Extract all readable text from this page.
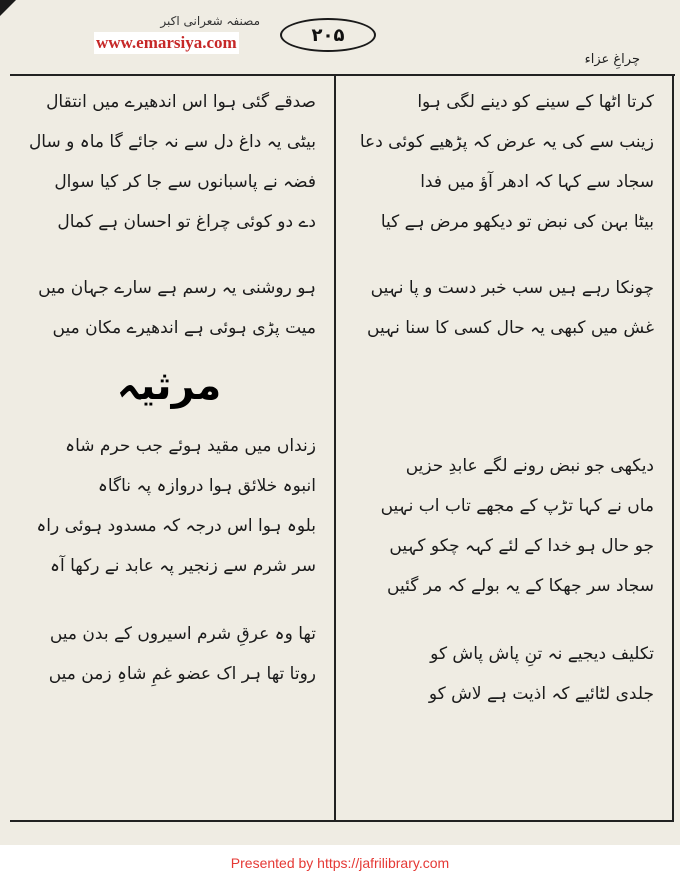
مصنفہ شعرانی اکبر
www.emarsiya.com	۲۰۵
چراغِ عزاء
کرتا اٹھا کے سینے کو دینے لگی ہوا
زینب سے کی یہ عرض کہ پڑھیے کوئی دعا
سجاد سے کہا کہ ادھر آؤ میں فدا
بیٹا بہن کی نبض تو دیکھو مرض ہے کیا
چونکا رہے ہیں سب خبر دست و پا نہیں
غش میں کبھی یہ حال کسی کا سنا نہیں
دیکھی جو نبض رونے لگے عابدِ حزیں
ماں نے کہا تڑپ کے مجھے تاب اب نہیں
جو حال ہو خدا کے لئے کہہ چکو کہیں
سجاد سر جھکا کے یہ بولے کہ مر گئیں
تکلیف دیجیے نہ تنِ پاش پاش کو
جلدی لٹائیے کہ اذیت ہے لاش کو
صدقے گئی ہوا اس اندھیرے میں انتقال
بیٹی یہ داغ دل سے نہ جائے گا ماہ و سال
فضہ نے پاسبانوں سے جا کر کیا سوال
دے دو کوئی چراغ تو احسان ہے کمال
ہو روشنی یہ رسم ہے سارے جہان میں
میت پڑی ہوئی ہے اندھیرے مکان میں
مرثیہ
زنداں میں مقید ہوئے جب حرم شاہ
انبوہ خلائق ہوا دروازہ پہ ناگاہ
بلوہ ہوا اس درجہ کہ مسدود ہوئی راہ
سر شرم سے زنجیر پہ عابد نے رکھا آہ
تھا وہ عرقِ شرم اسیروں کے بدن میں
روتا تھا ہر اک عضو غمِ شاہِ زمن میں
Presented by https://jafrilibrary.com
